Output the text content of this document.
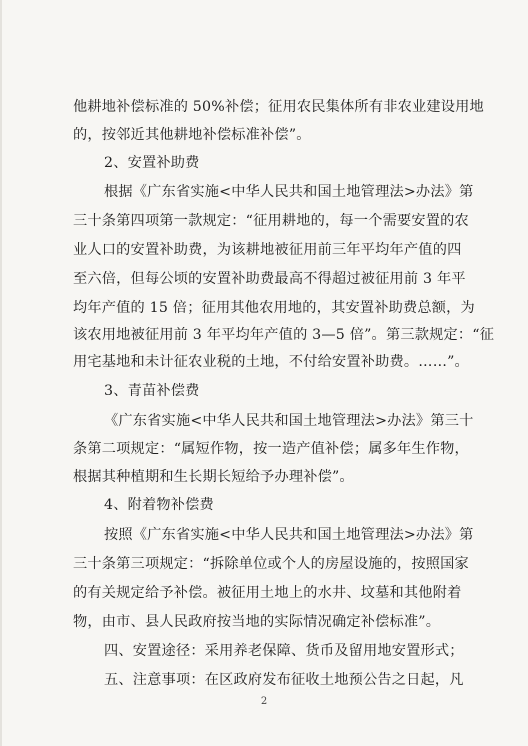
他耕地补偿标准的 50%补偿；征用农民集体所有非农业建设用地
的，按邻近其他耕地补偿标准补偿”。
2、安置补助费
根据《广东省实施<中华人民共和国土地管理法>办法》第
三十条第四项第一款规定：“征用耕地的，每一个需要安置的农
业人口的安置补助费，为该耕地被征用前三年平均年产值的四
至六倍，但每公顷的安置补助费最高不得超过被征用前 3 年平
均年产值的 15 倍；征用其他农用地的，其安置补助费总额，为
该农用地被征用前 3 年平均年产值的 3—5 倍”。第三款规定：“征
用宅基地和未计征农业税的土地，不付给安置补助费。……”。
3、青苗补偿费
《广东省实施<中华人民共和国土地管理法>办法》第三十
条第二项规定：“属短作物，按一造产值补偿；属多年生作物，
根据其种植期和生长期长短给予办理补偿”。
4、附着物补偿费
按照《广东省实施<中华人民共和国土地管理法>办法》第
三十条第三项规定：“拆除单位或个人的房屋设施的，按照国家
的有关规定给予补偿。被征用土地上的水井、坟墓和其他附着
物，由市、县人民政府按当地的实际情况确定补偿标准”。
四、安置途径：采用养老保障、货币及留用地安置形式；
五、注意事项：在区政府发布征收土地预公告之日起，凡
2
